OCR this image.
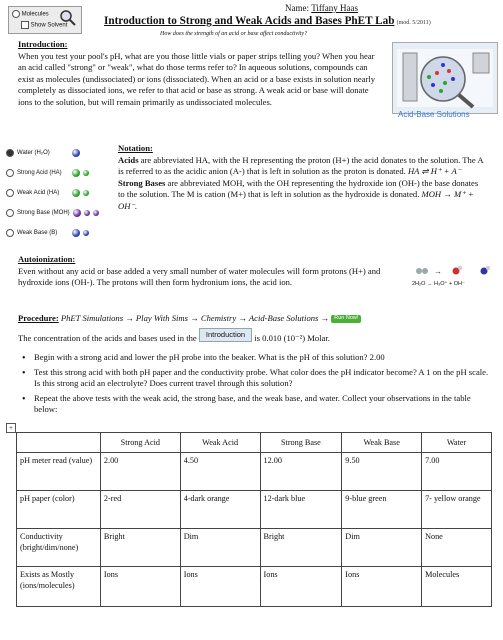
Molecules
Show Solvent
Name: Tiffany Haas
Introduction to Strong and Weak Acids and Bases PhET Lab (mod. 5/2011)
How does the strength of an acid or base affect conductivity?
Introduction:

When you test your pool's pH, what are you those little vials or paper strips telling you? When you hear an acid called "strong" or "weak", what do those terms refer to? In aqueous solutions, compounds can exist as molecules (undissociated) or ions (dissociated). When an acid or a base exists in solution nearly completely as dissociated ions, we refer to that acid or base as strong. A weak acid or base will donate ions to the solution, but will remain primarily as undissociated molecules.

Acid-Base Solutions
Water (H₂O)
Strong Acid (HA)
Weak Acid (HA)
Strong Base (MOH)
Weak Base (B)
Notation:

Acids are abbreviated HA, with the H representing the proton (H+) the acid donates to the solution. The A is referred to as the acidic anion (A-) that is left in solution as the proton is donated. HA ⇌ H⁺ + A⁻

Strong Bases are abbreviated MOH, with the OH representing the hydroxide ion (OH-) the base donates to the solution. The M is cation (M+) that is left in solution as the hydroxide is donated. MOH → M⁺ + OH⁻.

Autoionization:

Even without any acid or base added a very small number of water molecules will form protons (H+) and hydroxide ions (OH-). The protons will then form hydronium ions, the acid ion.

→
2H₂O → H₃O⁺ + OH⁻
Procedure: PhET Simulations → Play With Sims → Chemistry → Acid-Base Solutions → Run Now!
The concentration of the acids and bases used in the Introduction is 0.010 (10⁻²) Molar.
• Begin with a strong acid and lower the pH probe into the beaker. What is the pH of this solution? 2.00
• Test this strong acid with both pH paper and the conductivity probe. What color does the pH indicator become? A 1 on the pH scale. Is this strong acid an electrolyte? Does current travel through this solution?
• Repeat the above tests with the weak acid, the strong base, and the weak base, and water. Collect your observations in the table below:
+
	Strong Acid	Weak Acid	Strong Base	Weak Base	Water
pH meter read (value)	2.00	4.50	12.00	9.50	7.00
pH paper (color)	2-red	4-dark orange	12-dark blue	9-blue green	7- yellow orange
Conductivity (bright/dim/none)	Bright	Dim	Bright	Dim	None
Exists as Mostly (ions/molecules)	Ions	Ions	Ions	Ions	Molecules
